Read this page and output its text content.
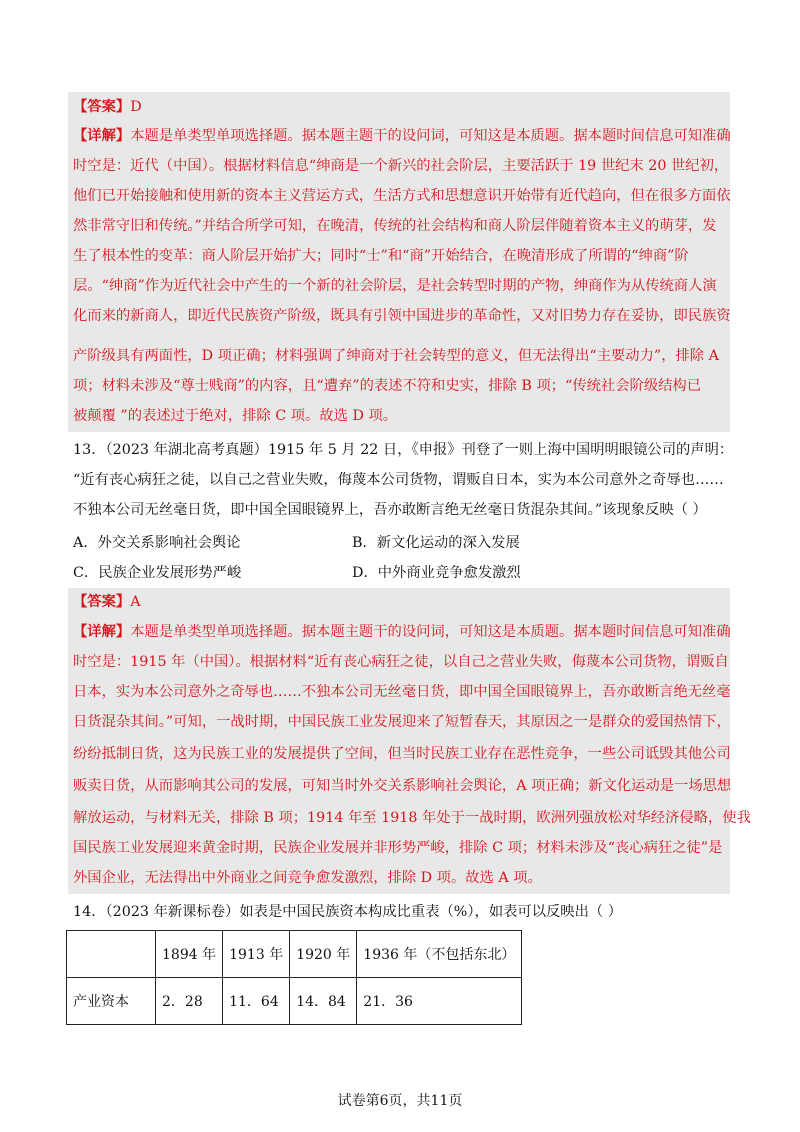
【答案】D
【详解】本题是单类型单项选择题。据本题主题干的设问词，可知这是本质题。据本题时间信息可知准确
时空是：近代（中国）。根据材料信息“绅商是一个新兴的社会阶层，主要活跃于 19 世纪末 20 世纪初，
他们已开始接触和使用新的资本主义营运方式，生活方式和思想意识开始带有近代趋向，但在很多方面依
然非常守旧和传统。”并结合所学可知，在晚清，传统的社会结构和商人阶层伴随着资本主义的萌芽，发
生了根本性的变革：商人阶层开始扩大；同时“士”和“商”开始结合，在晚清形成了所谓的“绅商”阶
层。“绅商”作为近代社会中产生的一个新的社会阶层，是社会转型时期的产物，绅商作为从传统商人演
化而来的新商人，即近代民族资产阶级，既具有引领中国进步的革命性，又对旧势力存在妥协，即民族资
产阶级具有两面性，D 项正确；材料强调了绅商对于社会转型的意义，但无法得出“主要动力”，排除 A
项；材料未涉及“尊士贱商”的内容，且“遭弃”的表述不符和史实，排除 B 项；“传统社会阶级结构已
被颠覆 ”的表述过于绝对，排除 C 项。故选 D 项。
13．（2023 年湖北高考真题）1915 年 5 月 22 日，《申报》刊登了一则上海中国明明眼镜公司的声明：
“近有丧心病狂之徒，以自己之营业失败，侮蔑本公司货物，谓贩自日本，实为本公司意外之奇辱也……
不独本公司无丝毫日货，即中国全国眼镜界上，吾亦敢断言绝无丝毫日货混杂其间。”该现象反映（ ）
A．外交关系影响社会舆论	B．新文化运动的深入发展
C．民族企业发展形势严峻	D．中外商业竞争愈发激烈
【答案】A
【详解】本题是单类型单项选择题。据本题主题干的设问词，可知这是本质题。据本题时间信息可知准确
时空是：1915 年（中国）。根据材料“近有丧心病狂之徒，以自己之营业失败，侮蔑本公司货物，谓贩自
日本，实为本公司意外之奇辱也……不独本公司无丝毫日货，即中国全国眼镜界上，吾亦敢断言绝无丝毫
日货混杂其间。”可知，一战时期，中国民族工业发展迎来了短暂春天，其原因之一是群众的爱国热情下，
纷纷抵制日货，这为民族工业的发展提供了空间，但当时民族工业存在恶性竞争，一些公司诋毁其他公司
贩卖日货，从而影响其公司的发展，可知当时外交关系影响社会舆论，A 项正确；新文化运动是一场思想
解放运动，与材料无关，排除 B 项；1914 年至 1918 年处于一战时期，欧洲列强放松对华经济侵略，使我
国民族工业发展迎来黄金时期，民族企业发展并非形势严峻，排除 C 项；材料未涉及“丧心病狂之徒”是
外国企业，无法得出中外商业之间竞争愈发激烈，排除 D 项。故选 A 项。
14．（2023 年新课标卷）如表是中国民族资本构成比重表（%），如表可以反映出（ ）
	1894 年	1913 年	1920 年	1936 年（不包括东北）
产业资本	2．28	11．64	14．84	21．36
试卷第6页，共11页
